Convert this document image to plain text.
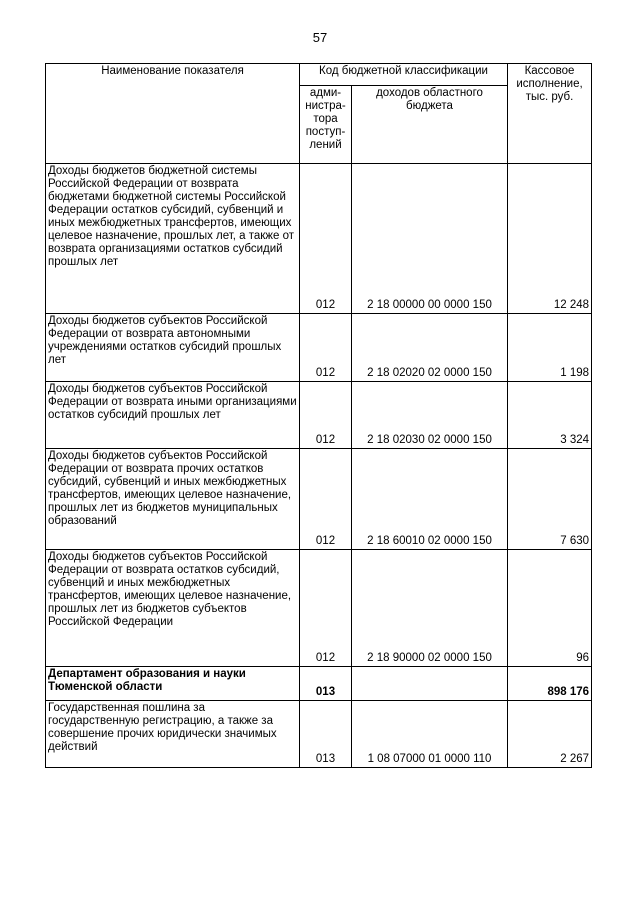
57
Наименование показателя	Код бюджетной классификации		Кассовое исполнение, тыс. руб.
	адми-нистра-тора поступ-лений	доходов областного бюджета	
Доходы бюджетов бюджетной системы Российской Федерации от возврата бюджетами бюджетной системы Российской Федерации остатков субсидий, субвенций и иных межбюджетных трансфертов, имеющих целевое назначение, прошлых лет, а также от возврата организациями остатков субсидий прошлых лет	012	2 18 00000 00 0000 150	12 248
Доходы бюджетов субъектов Российской Федерации от возврата автономными учреждениями остатков субсидий прошлых лет	012	2 18 02020 02 0000 150	1 198
Доходы бюджетов субъектов Российской Федерации от возврата иными организациями остатков субсидий прошлых лет	012	2 18 02030 02 0000 150	3 324
Доходы бюджетов субъектов Российской Федерации от возврата прочих остатков субсидий, субвенций и иных межбюджетных трансфертов, имеющих целевое назначение, прошлых лет из бюджетов муниципальных образований	012	2 18 60010 02 0000 150	7 630
Доходы бюджетов субъектов Российской Федерации от возврата остатков субсидий, субвенций и иных межбюджетных трансфертов, имеющих целевое назначение, прошлых лет из бюджетов субъектов Российской Федерации	012	2 18 90000 02 0000 150	96
Департамент образования и науки Тюменской области	013		898 176
Государственная пошлина за государственную регистрацию, а также за совершение прочих юридически значимых действий	013	1 08 07000 01 0000 110	2 267
